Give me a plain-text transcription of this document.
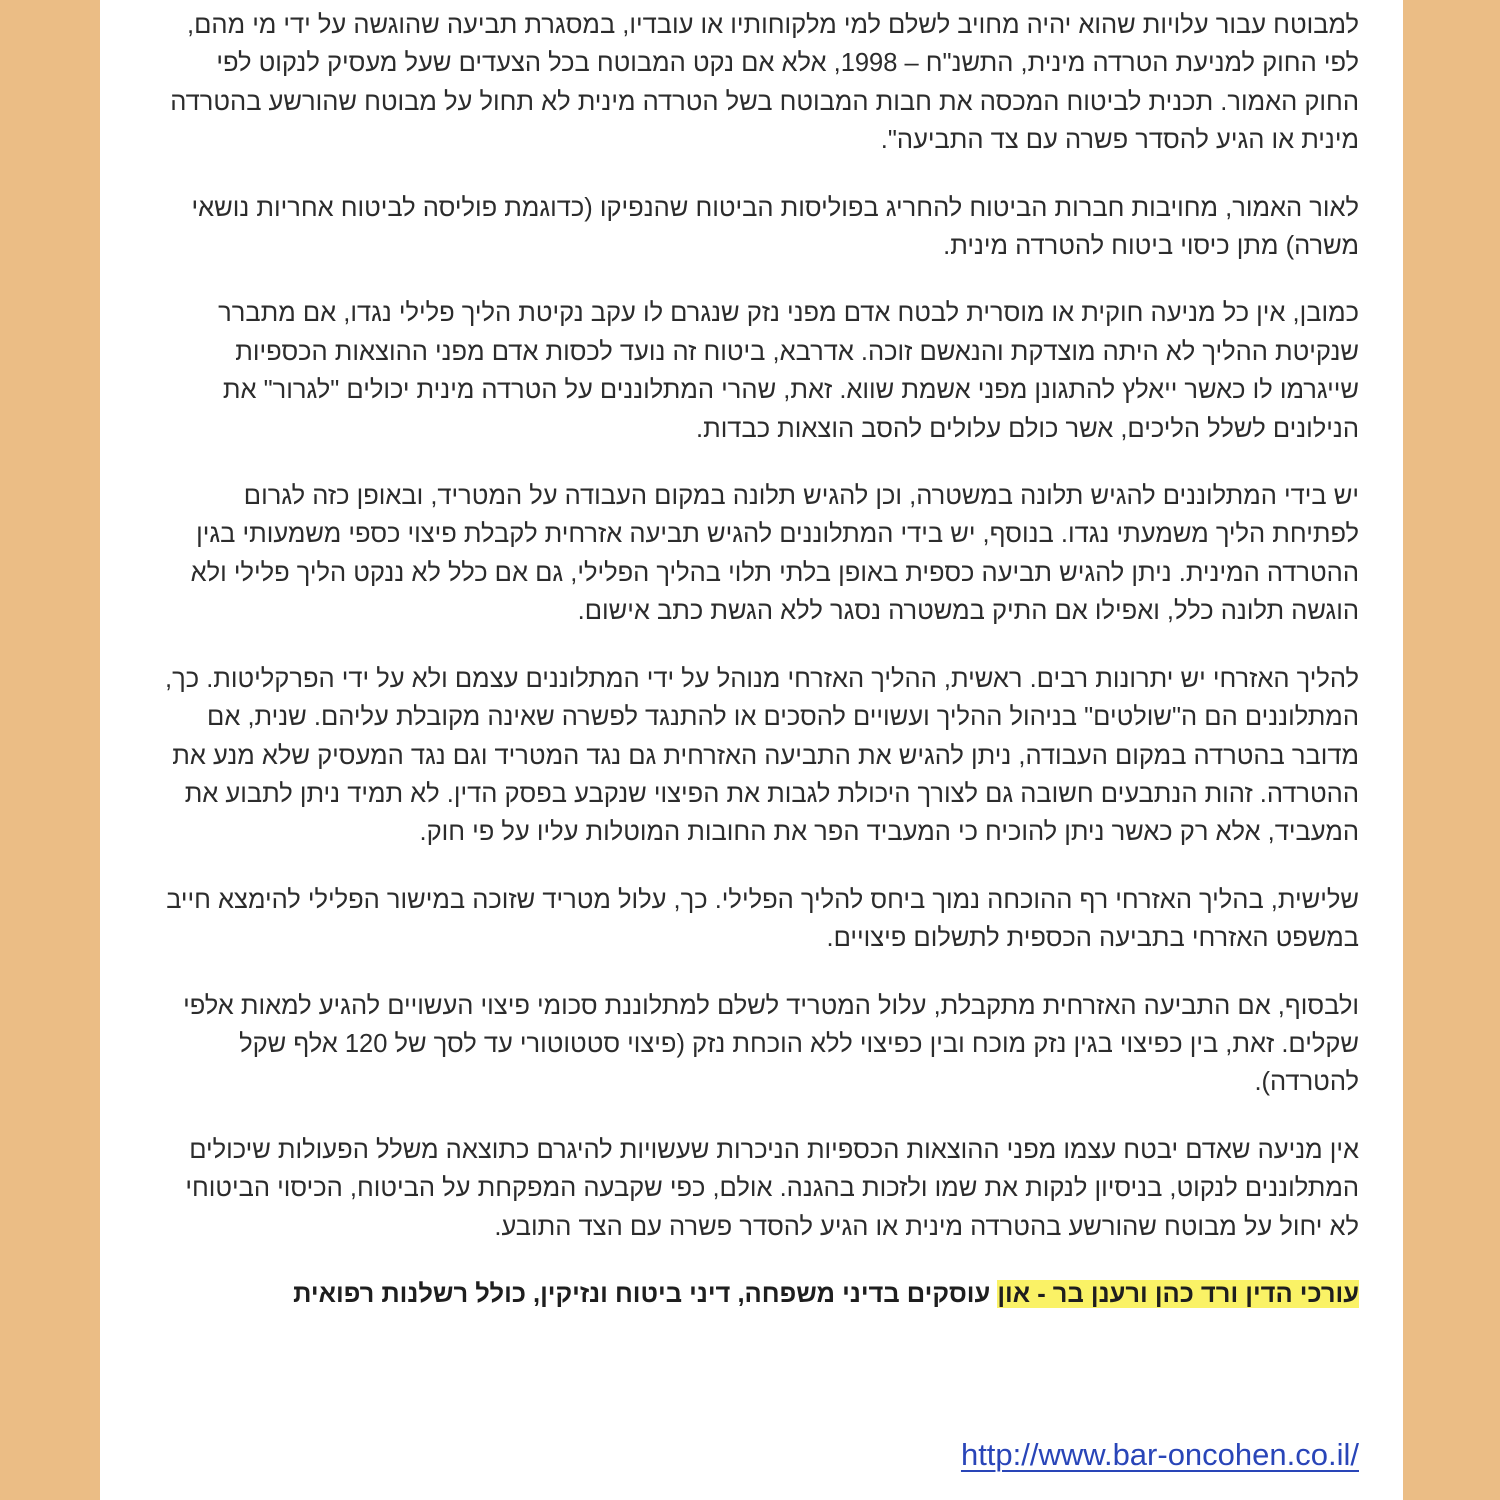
למבוטח עבור עלויות שהוא יהיה מחויב לשלם למי מלקוחותיו או עובדיו, במסגרת תביעה שהוגשה על ידי מי מהם, לפי החוק למניעת הטרדה מינית, התשנ"ח – 1998, אלא אם נקט המבוטח בכל הצעדים שעל מעסיק לנקוט לפי החוק האמור. תכנית לביטוח המכסה את חבות המבוטח בשל הטרדה מינית לא תחול על מבוטח שהורשע בהטרדה מינית או הגיע להסדר פשרה עם צד התביעה".

לאור האמור, מחויבות חברות הביטוח להחריג בפוליסות הביטוח שהנפיקו (כדוגמת פוליסה לביטוח אחריות נושאי משרה) מתן כיסוי ביטוח להטרדה מינית.

כמובן, אין כל מניעה חוקית או מוסרית לבטח אדם מפני נזק שנגרם לו עקב נקיטת הליך פלילי נגדו, אם מתברר שנקיטת ההליך לא היתה מוצדקת והנאשם זוכה. אדרבא, ביטוח זה נועד לכסות אדם מפני ההוצאות הכספיות שייגרמו לו כאשר ייאלץ להתגונן מפני אשמת שווא. זאת, שהרי המתלוננים על הטרדה מינית יכולים "לגרור" את הנילונים לשלל הליכים, אשר כולם עלולים להסב הוצאות כבדות.

יש בידי המתלוננים להגיש תלונה במשטרה, וכן להגיש תלונה במקום העבודה על המטריד, ובאופן כזה לגרום לפתיחת הליך משמעתי נגדו. בנוסף, יש בידי המתלוננים להגיש תביעה אזרחית לקבלת פיצוי כספי משמעותי בגין ההטרדה המינית. ניתן להגיש תביעה כספית באופן בלתי תלוי בהליך הפלילי, גם אם כלל לא ננקט הליך פלילי ולא הוגשה תלונה כלל, ואפילו אם התיק במשטרה נסגר ללא הגשת כתב אישום.

להליך האזרחי יש יתרונות רבים. ראשית, ההליך האזרחי מנוהל על ידי המתלוננים עצמם ולא על ידי הפרקליטות. כך, המתלוננים הם ה"שולטים" בניהול ההליך ועשויים להסכים או להתנגד לפשרה שאינה מקובלת עליהם. שנית, אם מדובר בהטרדה במקום העבודה, ניתן להגיש את התביעה האזרחית גם נגד המטריד וגם נגד המעסיק שלא מנע את ההטרדה. זהות הנתבעים חשובה גם לצורך היכולת לגבות את הפיצוי שנקבע בפסק הדין. לא תמיד ניתן לתבוע את המעביד, אלא רק כאשר ניתן להוכיח כי המעביד הפר את החובות המוטלות עליו על פי חוק.

שלישית, בהליך האזרחי רף ההוכחה נמוך ביחס להליך הפלילי. כך, עלול מטריד שזוכה במישור הפלילי להימצא חייב במשפט האזרחי בתביעה הכספית לתשלום פיצויים.

ולבסוף, אם התביעה האזרחית מתקבלת, עלול המטריד לשלם למתלוננת סכומי פיצוי העשויים להגיע למאות אלפי שקלים. זאת, בין כפיצוי בגין נזק מוכח ובין כפיצוי ללא הוכחת נזק (פיצוי סטטוטורי עד לסך של 120 אלף שקל להטרדה).

אין מניעה שאדם יבטח עצמו מפני ההוצאות הכספיות הניכרות שעשויות להיגרם כתוצאה משלל הפעולות שיכולים המתלוננים לנקוט, בניסיון לנקות את שמו ולזכות בהגנה. אולם, כפי שקבעה המפקחת על הביטוח, הכיסוי הביטוחי לא יחול על מבוטח שהורשע בהטרדה מינית או הגיע להסדר פשרה עם הצד התובע.

עורכי הדין ורד כהן ורענן בר - און עוסקים בדיני משפחה, דיני ביטוח ונזיקין, כולל רשלנות רפואית

http://www.bar-oncohen.co.il/
